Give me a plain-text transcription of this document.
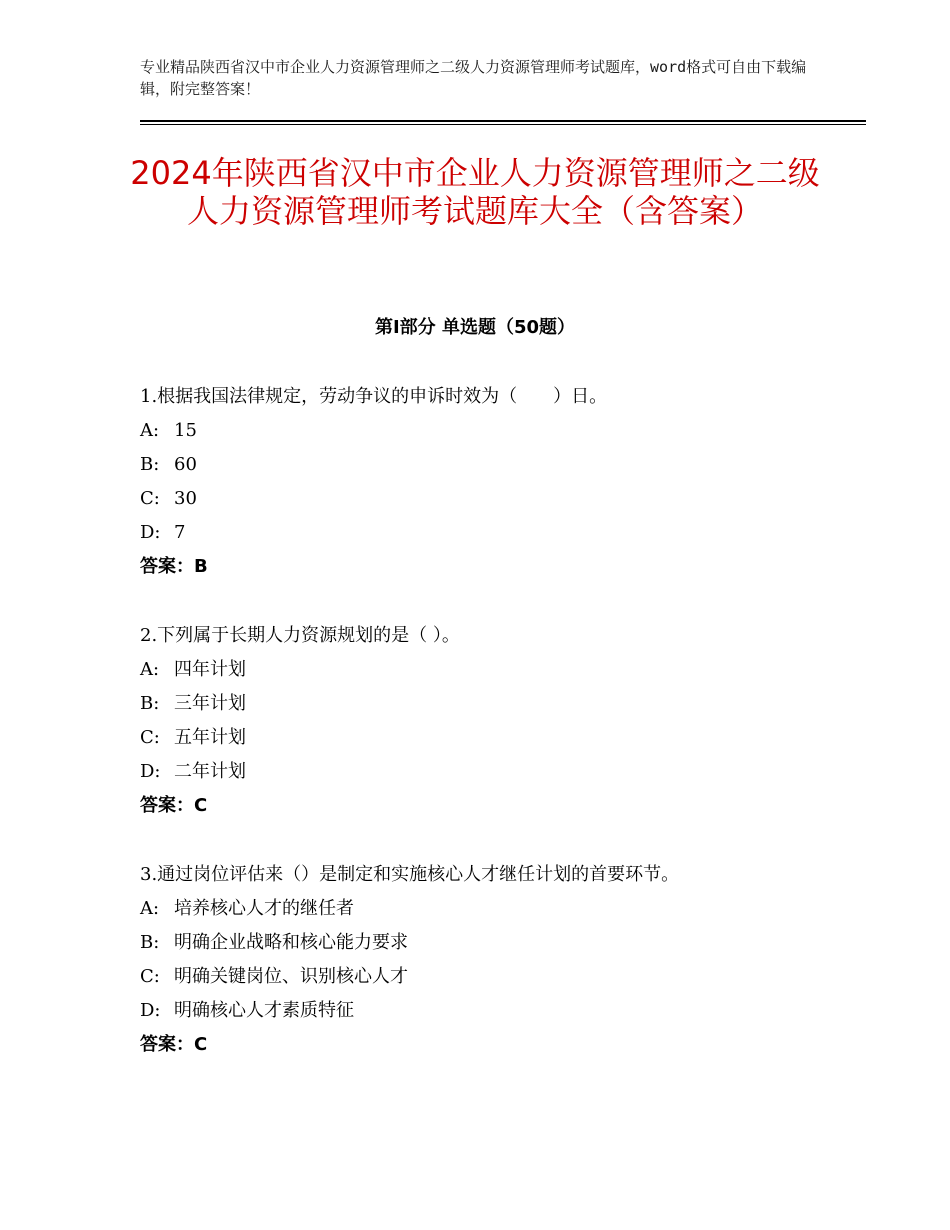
专业精品陕西省汉中市企业人力资源管理师之二级人力资源管理师考试题库，word格式可自由下载编辑，附完整答案！
2024年陕西省汉中市企业人力资源管理师之二级人力资源管理师考试题库大全（含答案）
第Ⅰ部分 单选题（50题）
1.根据我国法律规定，劳动争议的申诉时效为（　　）日。
A: 15
B: 60
C: 30
D: 7
答案：B
2.下列属于长期人力资源规划的是（ ）。
A: 四年计划
B: 三年计划
C: 五年计划
D: 二年计划
答案：C
3.通过岗位评估来（）是制定和实施核心人才继任计划的首要环节。
A: 培养核心人才的继任者
B: 明确企业战略和核心能力要求
C: 明确关键岗位、识别核心人才
D: 明确核心人才素质特征
答案：C
